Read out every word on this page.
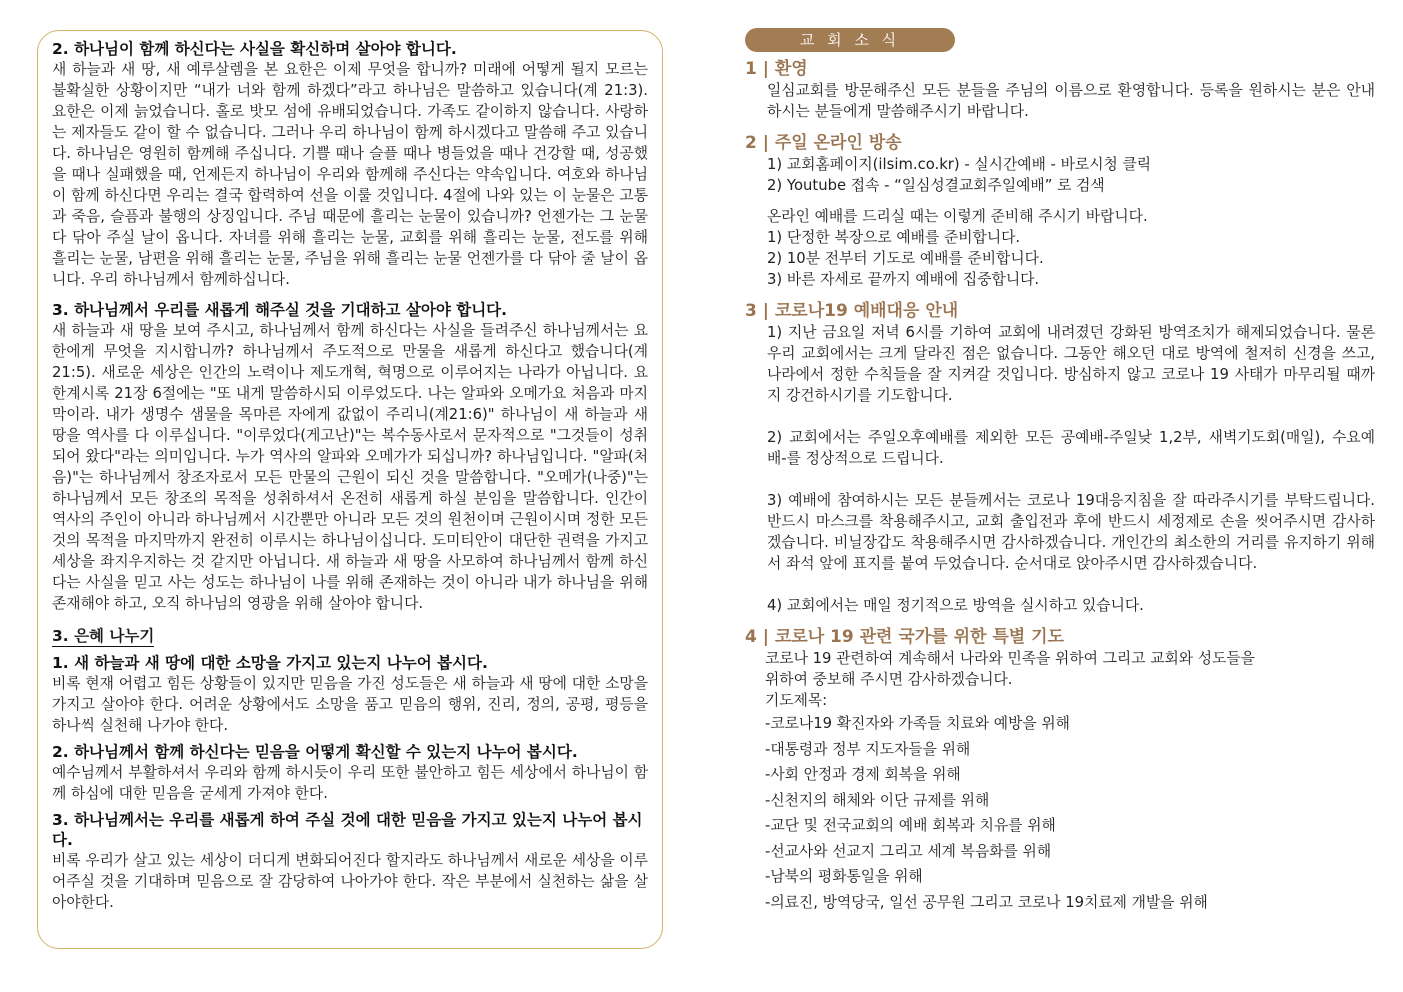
2. 하나님이 함께 하신다는 사실을 확신하며 살아야 합니다.

새 하늘과 새 땅, 새 예루살렘을 본 요한은 이제 무엇을 합니까? 미래에 어떻게 될지 모르는 불확실한 상황이지만 “내가 너와 함께 하겠다”라고 하나님은 말씀하고 있습니다(계 21:3). 요한은 이제 늙었습니다. 홀로 밧모 섬에 유배되었습니다. 가족도 같이하지 않습니다. 사랑하는 제자들도 같이 할 수 없습니다. 그러나 우리 하나님이 함께 하시겠다고 말씀해 주고 있습니다. 하나님은 영원히 함께해 주십니다. 기쁠 때나 슬플 때나 병들었을 때나 건강할 때, 성공했을 때나 실패했을 때, 언제든지 하나님이 우리와 함께해 주신다는 약속입니다. 여호와 하나님이 함께 하신다면 우리는 결국 합력하여 선을 이룰 것입니다. 4절에 나와 있는 이 눈물은 고통과 죽음, 슬픔과 불행의 상징입니다. 주님 때문에 흘리는 눈물이 있습니까? 언젠가는 그 눈물 다 닦아 주실 날이 옵니다. 자녀를 위해 흘리는 눈물, 교회를 위해 흘리는 눈물, 전도를 위해 흘리는 눈물, 남편을 위해 흘리는 눈물, 주님을 위해 흘리는 눈물 언젠가를 다 닦아 줄 날이 옵니다. 우리 하나님께서 함께하십니다.

3. 하나님께서 우리를 새롭게 해주실 것을 기대하고 살아야 합니다.

새 하늘과 새 땅을 보여 주시고, 하나님께서 함께 하신다는 사실을 들려주신 하나님께서는 요한에게 무엇을 지시합니까? 하나님께서 주도적으로 만물을 새롭게 하신다고 했습니다(계 21:5). 새로운 세상은 인간의 노력이나 제도개혁, 혁명으로 이루어지는 나라가 아닙니다. 요한계시록 21장 6절에는 "또 내게 말씀하시되 이루었도다. 나는 알파와 오메가요 처음과 마지막이라. 내가 생명수 샘물을 목마른 자에게 값없이 주리니(계21:6)" 하나님이 새 하늘과 새 땅을 역사를 다 이루십니다. "이루었다(게고난)"는 복수동사로서 문자적으로 "그것들이 성취되어 왔다"라는 의미입니다. 누가 역사의 알파와 오메가가 되십니까? 하나님입니다. "알파(처음)"는 하나님께서 창조자로서 모든 만물의 근원이 되신 것을 말씀합니다. "오메가(나중)"는 하나님께서 모든 창조의 목적을 성취하셔서 온전히 새롭게 하실 분임을 말씀합니다. 인간이 역사의 주인이 아니라 하나님께서 시간뿐만 아니라 모든 것의 원천이며 근원이시며 정한 모든 것의 목적을 마지막까지 완전히 이루시는 하나님이십니다. 도미티안이 대단한 권력을 가지고 세상을 좌지우지하는 것 같지만 아닙니다. 새 하늘과 새 땅을 사모하여 하나님께서 함께 하신다는 사실을 믿고 사는 성도는 하나님이 나를 위해 존재하는 것이 아니라 내가 하나님을 위해 존재해야 하고, 오직 하나님의 영광을 위해 살아야 합니다.

3. 은혜 나누기
1. 새 하늘과 새 땅에 대한 소망을 가지고 있는지 나누어 봅시다.

비록 현재 어렵고 힘든 상황들이 있지만 믿음을 가진 성도들은 새 하늘과 새 땅에 대한 소망을 가지고 살아야 한다. 어려운 상황에서도 소망을 품고 믿음의 행위, 진리, 정의, 공평, 평등을 하나씩 실천해 나가야 한다.

2. 하나님께서 함께 하신다는 믿음을 어떻게 확신할 수 있는지 나누어 봅시다.

예수님께서 부활하셔서 우리와 함께 하시듯이 우리 또한 불안하고 힘든 세상에서 하나님이 함께 하심에 대한 믿음을 굳세게 가져야 한다.

3. 하나님께서는 우리를 새롭게 하여 주실 것에 대한 믿음을 가지고 있는지 나누어 봅시다.

비록 우리가 살고 있는 세상이 더디게 변화되어진다 할지라도 하나님께서 새로운 세상을 이루어주실 것을 기대하며 믿음으로 잘 감당하여 나아가야 한다. 작은 부분에서 실천하는 삶을 살아야한다.

교 회 소 식
1 | 환영

일심교회를 방문해주신 모든 분들을 주님의 이름으로 환영합니다. 등록을 원하시는 분은 안내하시는 분들에게 말씀해주시기 바랍니다.

2 | 주일 온라인 방송
1) 교회홈페이지(ilsim.co.kr) - 실시간예배 - 바로시청 클릭
2) Youtube 접속 - “일심성결교회주일예배” 로 검색
온라인 예배를 드리실 때는 이렇게 준비해 주시기 바랍니다.
1) 단정한 복장으로 예배를 준비합니다.
2) 10분 전부터 기도로 예배를 준비합니다.
3) 바른 자세로 끝까지 예배에 집중합니다.
3 | 코로나19 예배대응 안내

1) 지난 금요일 저녁 6시를 기하여 교회에 내려졌던 강화된 방역조치가 해제되었습니다. 물론 우리 교회에서는 크게 달라진 점은 없습니다. 그동안 해오던 대로 방역에 철저히 신경을 쓰고, 나라에서 정한 수칙들을 잘 지켜갈 것입니다. 방심하지 않고 코로나 19 사태가 마무리될 때까지 강건하시기를 기도합니다.

2) 교회에서는 주일오후예배를 제외한 모든 공예배-주일낮 1,2부, 새벽기도회(매일), 수요예배-를 정상적으로 드립니다.

3) 예배에 참여하시는 모든 분들께서는 코로나 19대응지침을 잘 따라주시기를 부탁드립니다. 반드시 마스크를 착용해주시고, 교회 출입전과 후에 반드시 세정제로 손을 씻어주시면 감사하겠습니다. 비닐장갑도 착용해주시면 감사하겠습니다. 개인간의 최소한의 거리를 유지하기 위해서 좌석 앞에 표지를 붙여 두었습니다. 순서대로 앉아주시면 감사하겠습니다.

4) 교회에서는 매일 정기적으로 방역을 실시하고 있습니다.

4 | 코로나 19 관련 국가를 위한 특별 기도
코로나 19 관련하여 계속해서 나라와 민족을 위하여 그리고 교회와 성도들을
위하여 중보해 주시면 감사하겠습니다.
기도제목:
-코로나19 확진자와 가족들 치료와 예방을 위해
-대통령과 정부 지도자들을 위해
-사회 안정과 경제 회복을 위해
-신천지의 해체와 이단 규제를 위해
-교단 및 전국교회의 예배 회복과 치유를 위해
-선교사와 선교지 그리고 세계 복음화를 위해
-남북의 평화통일을 위해
-의료진, 방역당국, 일선 공무원 그리고 코로나 19치료제 개발을 위해
